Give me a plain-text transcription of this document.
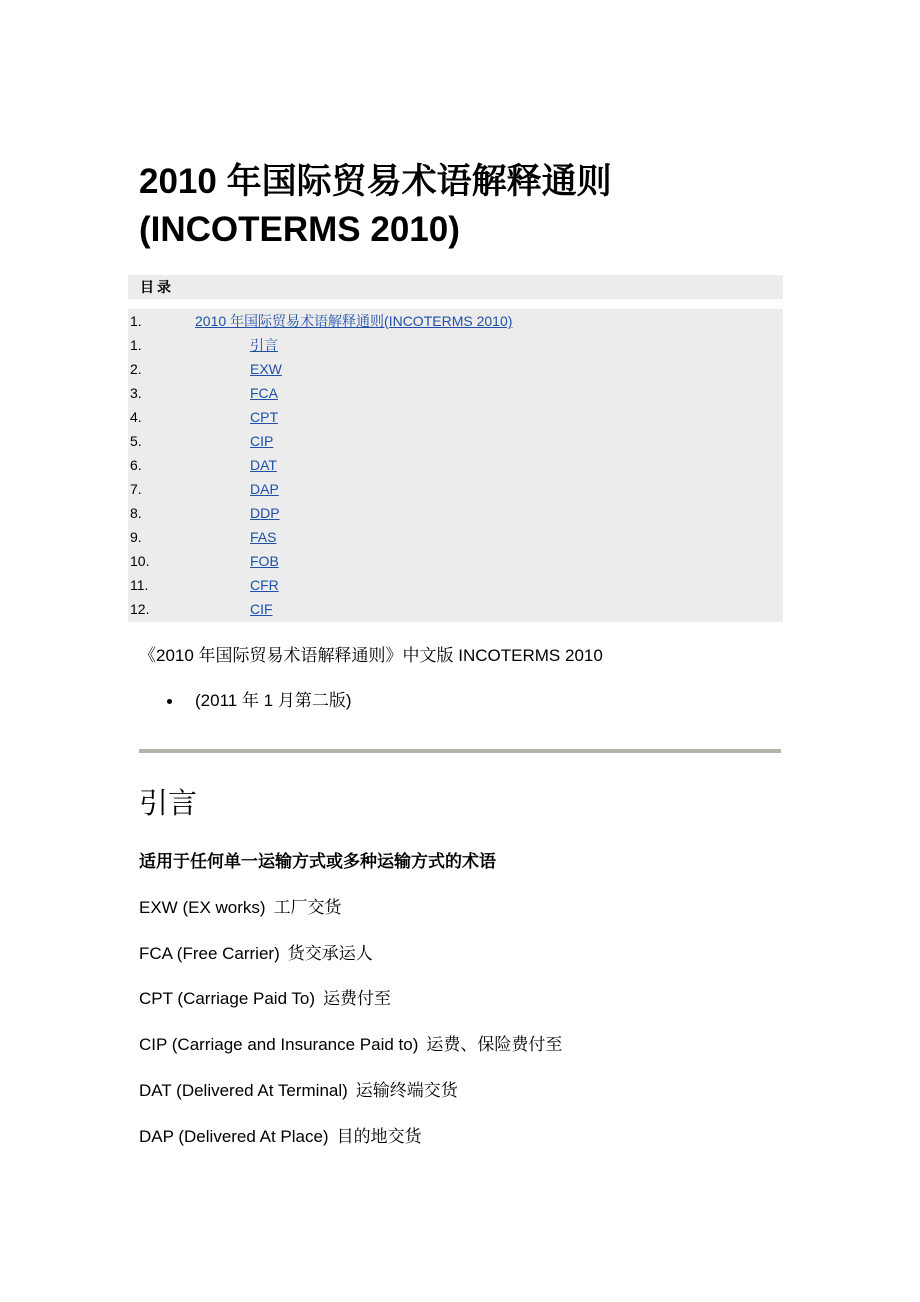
2010 年国际贸易术语解释通则
(INCOTERMS 2010)
目录
1.	2010 年国际贸易术语解释通则(INCOTERMS 2010)
1.	引言
2.	EXW
3.	FCA
4.	CPT
5.	CIP
6.	DAT
7.	DAP
8.	DDP
9.	FAS
10.	FOB
11.	CFR
12.	CIF
《2010 年国际贸易术语解释通则》中文版 INCOTERMS 2010
(2011 年 1 月第二版)
引言
适用于任何单一运输方式或多种运输方式的术语
EXW (EX works) 工厂交货
FCA (Free Carrier) 货交承运人
CPT (Carriage Paid To) 运费付至
CIP (Carriage and Insurance Paid to) 运费、保险费付至
DAT (Delivered At Terminal) 运输终端交货
DAP (Delivered At Place) 目的地交货
